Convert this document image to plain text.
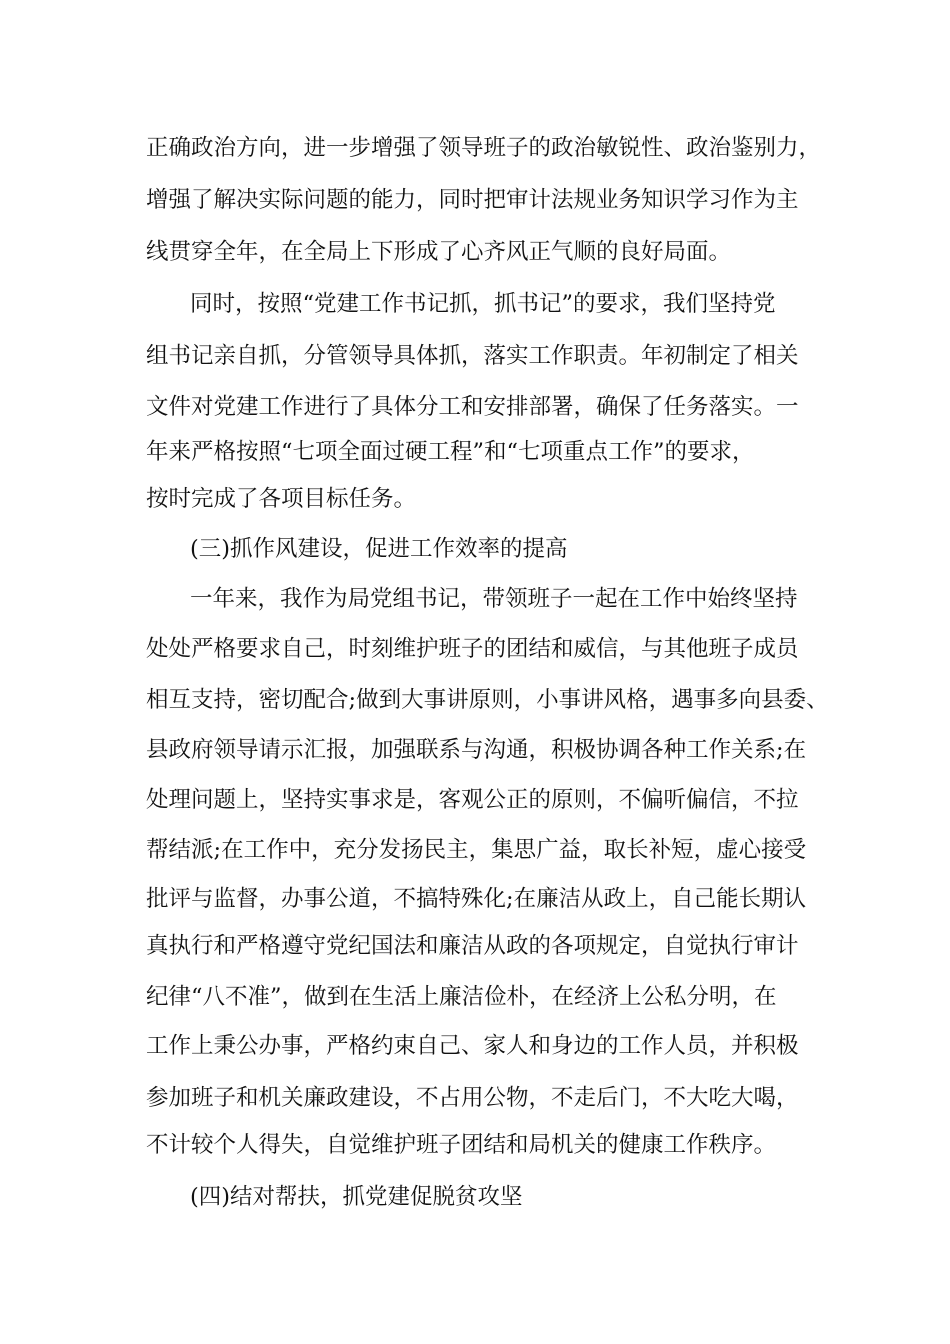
正确政治方向，进一步增强了领导班子的政治敏锐性、政治鉴别力，
增强了解决实际问题的能力，同时把审计法规业务知识学习作为主
线贯穿全年，在全局上下形成了心齐风正气顺的良好局面。
同时，按照“党建工作书记抓，抓书记”的要求，我们坚持党
组书记亲自抓，分管领导具体抓，落实工作职责。年初制定了相关
文件对党建工作进行了具体分工和安排部署，确保了任务落实。一
年来严格按照“七项全面过硬工程”和“七项重点工作”的要求，
按时完成了各项目标任务。
(三)抓作风建设，促进工作效率的提高
一年来，我作为局党组书记，带领班子一起在工作中始终坚持
处处严格要求自己，时刻维护班子的团结和威信，与其他班子成员
相互支持，密切配合;做到大事讲原则，小事讲风格，遇事多向县委、
县政府领导请示汇报，加强联系与沟通，积极协调各种工作关系;在
处理问题上，坚持实事求是，客观公正的原则，不偏听偏信，不拉
帮结派;在工作中，充分发扬民主，集思广益，取长补短，虚心接受
批评与监督，办事公道，不搞特殊化;在廉洁从政上，自己能长期认
真执行和严格遵守党纪国法和廉洁从政的各项规定，自觉执行审计
纪律“八不准”，做到在生活上廉洁俭朴，在经济上公私分明，在
工作上秉公办事，严格约束自己、家人和身边的工作人员，并积极
参加班子和机关廉政建设，不占用公物，不走后门，不大吃大喝，
不计较个人得失，自觉维护班子团结和局机关的健康工作秩序。
(四)结对帮扶，抓党建促脱贫攻坚
